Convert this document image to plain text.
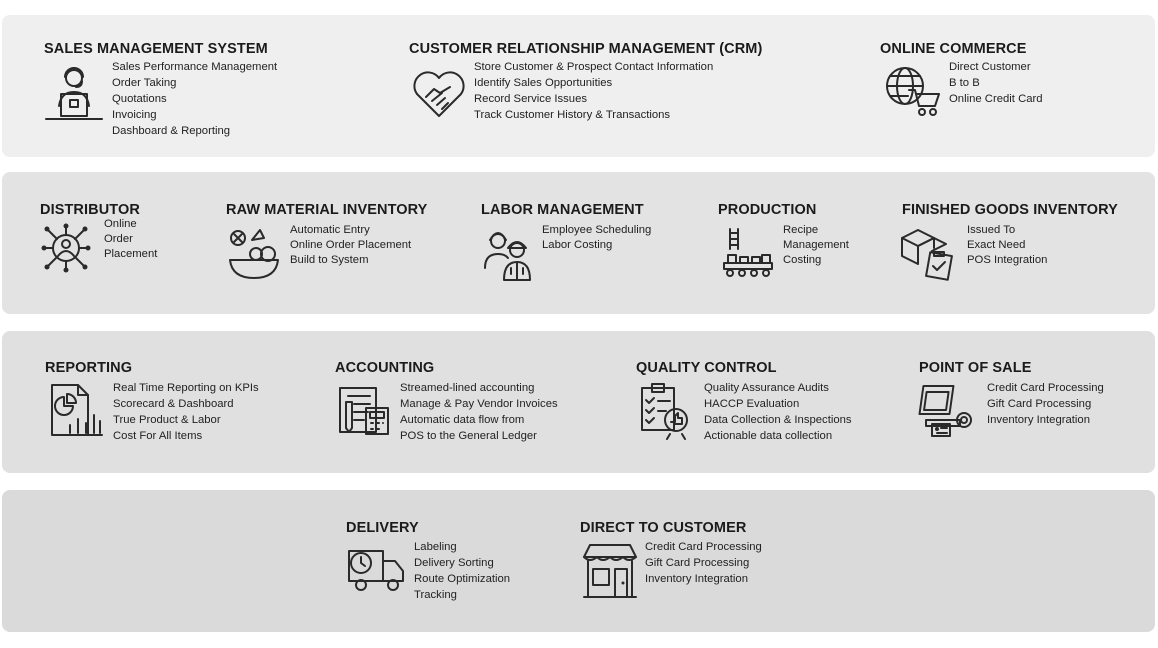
SALES MANAGEMENT SYSTEM
Sales Performance Management
Order Taking
Quotations
Invoicing
Dashboard & Reporting
CUSTOMER RELATIONSHIP MANAGEMENT (CRM)
Store Customer & Prospect Contact Information
Identify Sales Opportunities
Record Service Issues
Track Customer History & Transactions
ONLINE COMMERCE
Direct Customer
B to B
Online Credit Card
DISTRIBUTOR
Online
Order
Placement
RAW MATERIAL INVENTORY
Automatic Entry
Online Order Placement
Build to System
LABOR MANAGEMENT
Employee Scheduling
Labor Costing
PRODUCTION
Recipe
Management
Costing
FINISHED GOODS INVENTORY
Issued To
Exact Need
POS Integration
REPORTING
Real Time Reporting on KPIs
Scorecard & Dashboard
True Product & Labor
Cost For All Items
ACCOUNTING
Streamed-lined accounting
Manage & Pay Vendor Invoices
Automatic data flow from
POS to the General Ledger
QUALITY CONTROL
Quality Assurance Audits
HACCP Evaluation
Data Collection & Inspections
Actionable data collection
POINT OF SALE
Credit Card Processing
Gift Card Processing
Inventory Integration
DELIVERY
Labeling
Delivery Sorting
Route Optimization
Tracking
DIRECT TO CUSTOMER
Credit Card Processing
Gift Card Processing
Inventory Integration
